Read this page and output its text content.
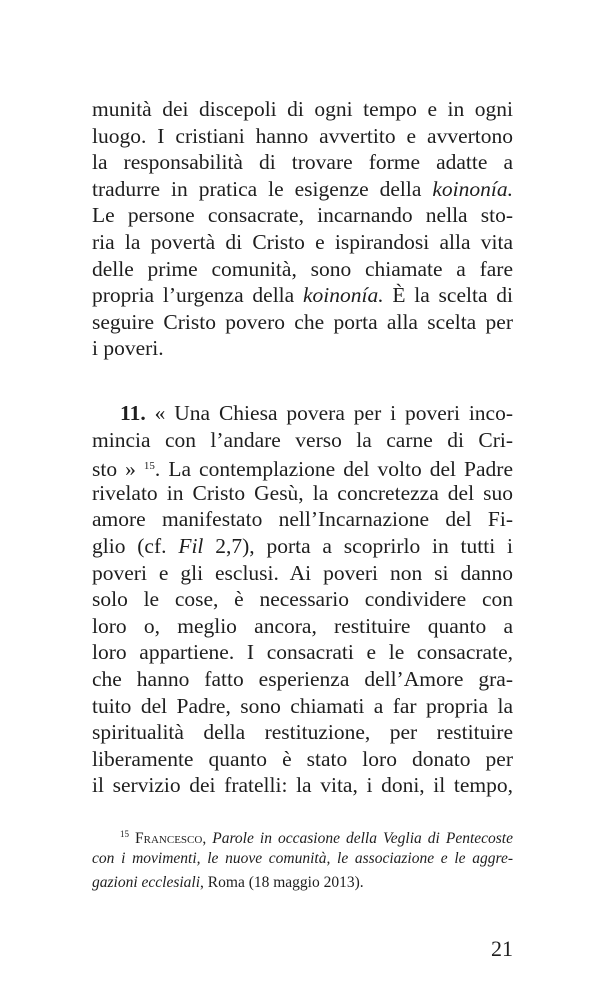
munità dei discepoli di ogni tempo e in ogni
luogo. I cristiani hanno avvertito e avvertono
la responsabilità di trovare forme adatte a
tradurre in pratica le esigenze della koinonía.
Le persone consacrate, incarnando nella sto-
ria la povertà di Cristo e ispirandosi alla vita
delle prime comunità, sono chiamate a fare
propria l’urgenza della koinonía. È la scelta di
seguire Cristo povero che porta alla scelta per
i poveri.
11. « Una Chiesa povera per i poveri inco-
mincia con l’andare verso la carne di Cri-
sto » $^{15}$. La contemplazione del volto del Padre
rivelato in Cristo Gesù, la concretezza del suo
amore manifestato nell’Incarnazione del Fi-
glio (cf. Fil 2,7), porta a scoprirlo in tutti i
poveri e gli esclusi. Ai poveri non si danno
solo le cose, è necessario condividere con
loro o, meglio ancora, restituire quanto a
loro appartiene. I consacrati e le consacrate,
che hanno fatto esperienza dell’Amore gra-
tuito del Padre, sono chiamati a far propria la
spiritualità della restituzione, per restituire
liberamente quanto è stato loro donato per
il servizio dei fratelli: la vita, i doni, il tempo,
$^{15}$ Francesco, Parole in occasione della Veglia di Pentecoste
con i movimenti, le nuove comunità, le associazione e le aggre-
gazioni ecclesiali, Roma (18 maggio 2013).
21
